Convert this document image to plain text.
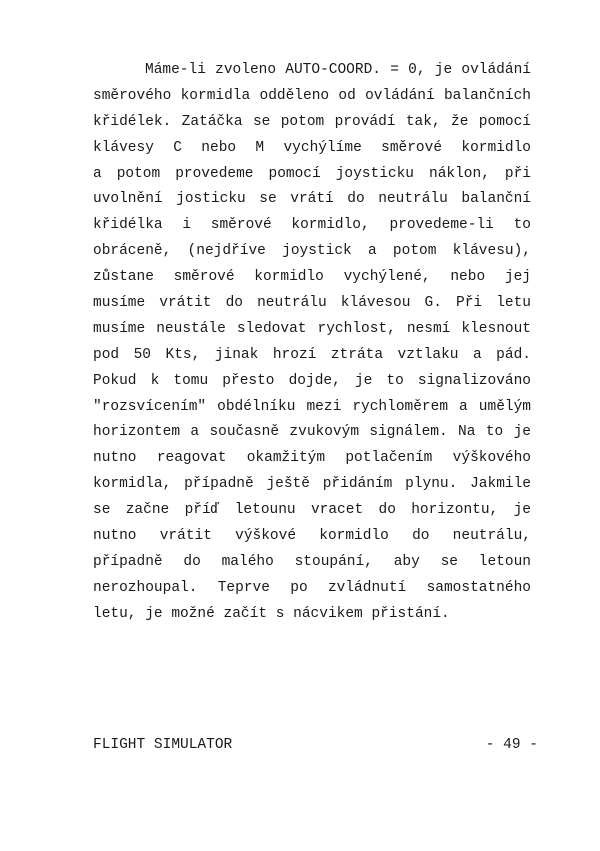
Máme-li zvoleno AUTO-COORD. = 0, je ovládání
směrového kormidla odděleno od ovládání balančních
křidélek. Zatáčka se potom provádí tak, že pomocí
klávesy C nebo M vychýlíme směrové kormidlo
a potom provedeme pomocí joysticku náklon, při
uvolnění josticku se vrátí do neutrálu balanční
křidélka i směrové kormidlo, provedeme-li to
obráceně, (nejdříve joystick a potom klávesu),
zůstane směrové kormidlo vychýlené, nebo jej
musíme vrátit do neutrálu klávesou G. Při letu
musíme neustále sledovat rychlost, nesmí klesnout
pod 50 Kts, jinak hrozí ztráta vztlaku a pád.
Pokud k tomu přesto dojde, je to signalizováno
"rozsvícením" obdélníku mezi rychloměrem a umělým
horizontem a současně zvukovým signálem. Na to je
nutno reagovat okamžitým potlačením výškového
kormidla, případně ještě přidáním plynu. Jakmile
se začne příď letounu vracet do horizontu, je
nutno vrátit výškové kormidlo do neutrálu,
případně do malého stoupání, aby se letoun
nerozhoupal. Teprve po zvládnutí samostatného
letu, je možné začít s nácvikem přistání.
FLIGHT SIMULATOR	- 49 -
